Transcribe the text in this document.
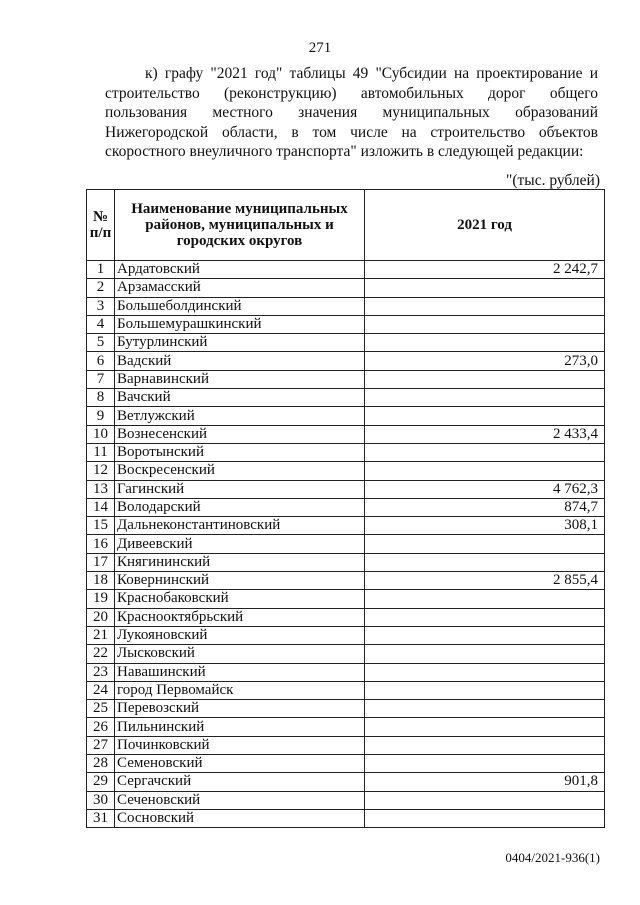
271
к) графу "2021 год" таблицы 49 "Субсидии на проектирование и строительство (реконструкцию) автомобильных дорог общего пользования местного значения муниципальных образований Нижегородской области, в том числе на строительство объектов скоростного внеуличного транспорта" изложить в следующей редакции:
"(тыс. рублей)
№ п/п	Наименование муниципальных районов, муниципальных и городских округов	2021 год
1	Ардатовский	2 242,7
2	Арзамасский	
3	Большеболдинский	
4	Большемурашкинский	
5	Бутурлинский	
6	Вадский	273,0
7	Варнавинский	
8	Вачский	
9	Ветлужский	
10	Вознесенский	2 433,4
11	Воротынский	
12	Воскресенский	
13	Гагинский	4 762,3
14	Володарский	874,7
15	Дальнеконстантиновский	308,1
16	Дивеевский	
17	Княгининский	
18	Ковернинский	2 855,4
19	Краснобаковский	
20	Краснооктябрьский	
21	Лукояновский	
22	Лысковский	
23	Навашинский	
24	город Первомайск	
25	Перевозский	
26	Пильнинский	
27	Починковский	
28	Семеновский	
29	Сергачский	901,8
30	Сеченовский	
31	Сосновский	
0404/2021-936(1)
